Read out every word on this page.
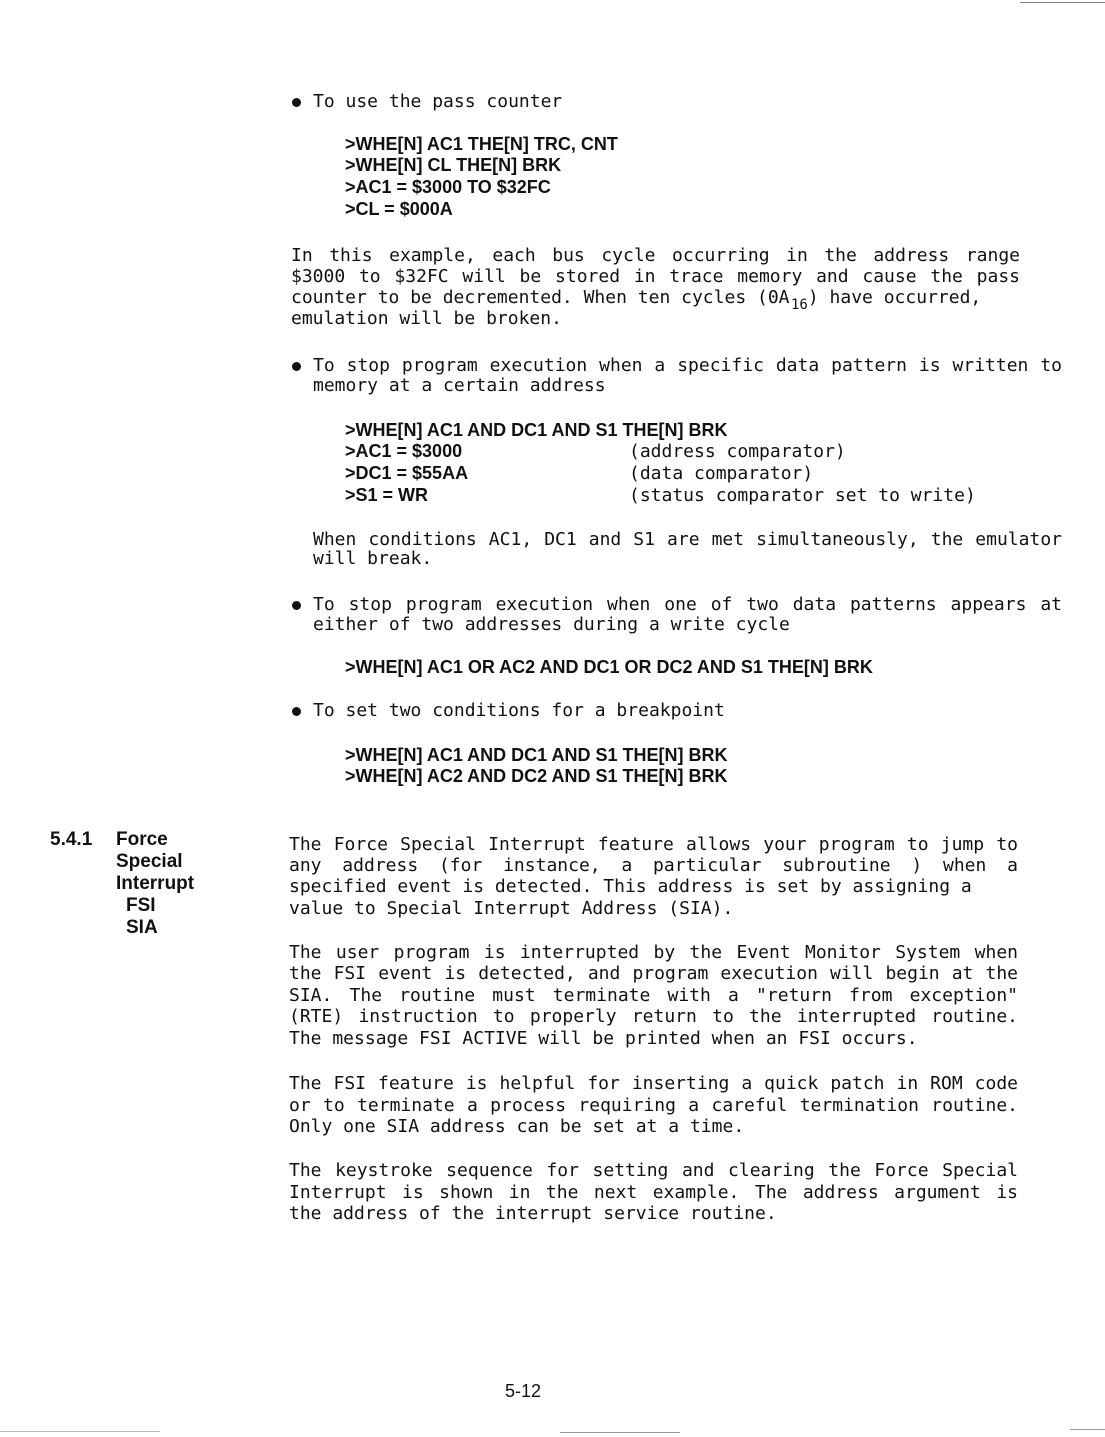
To use the pass counter
>WHE[N] AC1 THE[N] TRC, CNT
>WHE[N] CL THE[N] BRK
>AC1 = $3000 TO $32FC
>CL = $000A
In this example, each bus cycle occurring in the address range
$3000 to $32FC will be stored in trace memory and cause the pass
counter to be decremented. When ten cycles (0A $_{16}$) have occurred,
emulation will be broken.
To stop program execution when a specific data pattern is written to
memory at a certain address
>WHE[N] AC1 AND DC1 AND S1 THE[N] BRK
>AC1 = $3000	(address comparator)
>DC1 = $55AA	(data comparator)
>S1 = WR	(status comparator set to write)
When conditions AC1, DC1 and S1 are met simultaneously, the emulator
will break.
To stop program execution when one of two data patterns appears at
either of two addresses during a write cycle
>WHE[N] AC1 OR AC2 AND DC1 OR DC2 AND S1 THE[N] BRK
To set two conditions for a breakpoint
>WHE[N] AC1 AND DC1 AND S1 THE[N] BRK
>WHE[N] AC2 AND DC2 AND S1 THE[N] BRK
5.4.1 Force
Special
Interrupt
FSI
SIA
The Force Special Interrupt feature allows your program to jump to
any address (for instance, a particular subroutine ) when a
specified event is detected. This address is set by assigning a
value to Special Interrupt Address (SIA).
The user program is interrupted by the Event Monitor System when
the FSI event is detected, and program execution will begin at the
SIA. The routine must terminate with a "return from exception"
(RTE) instruction to properly return to the interrupted routine.
The message FSI ACTIVE will be printed when an FSI occurs.
The FSI feature is helpful for inserting a quick patch in ROM code
or to terminate a process requiring a careful termination routine.
Only one SIA address can be set at a time.
The keystroke sequence for setting and clearing the Force Special
Interrupt is shown in the next example. The address argument is
the address of the interrupt service routine.
5-12
